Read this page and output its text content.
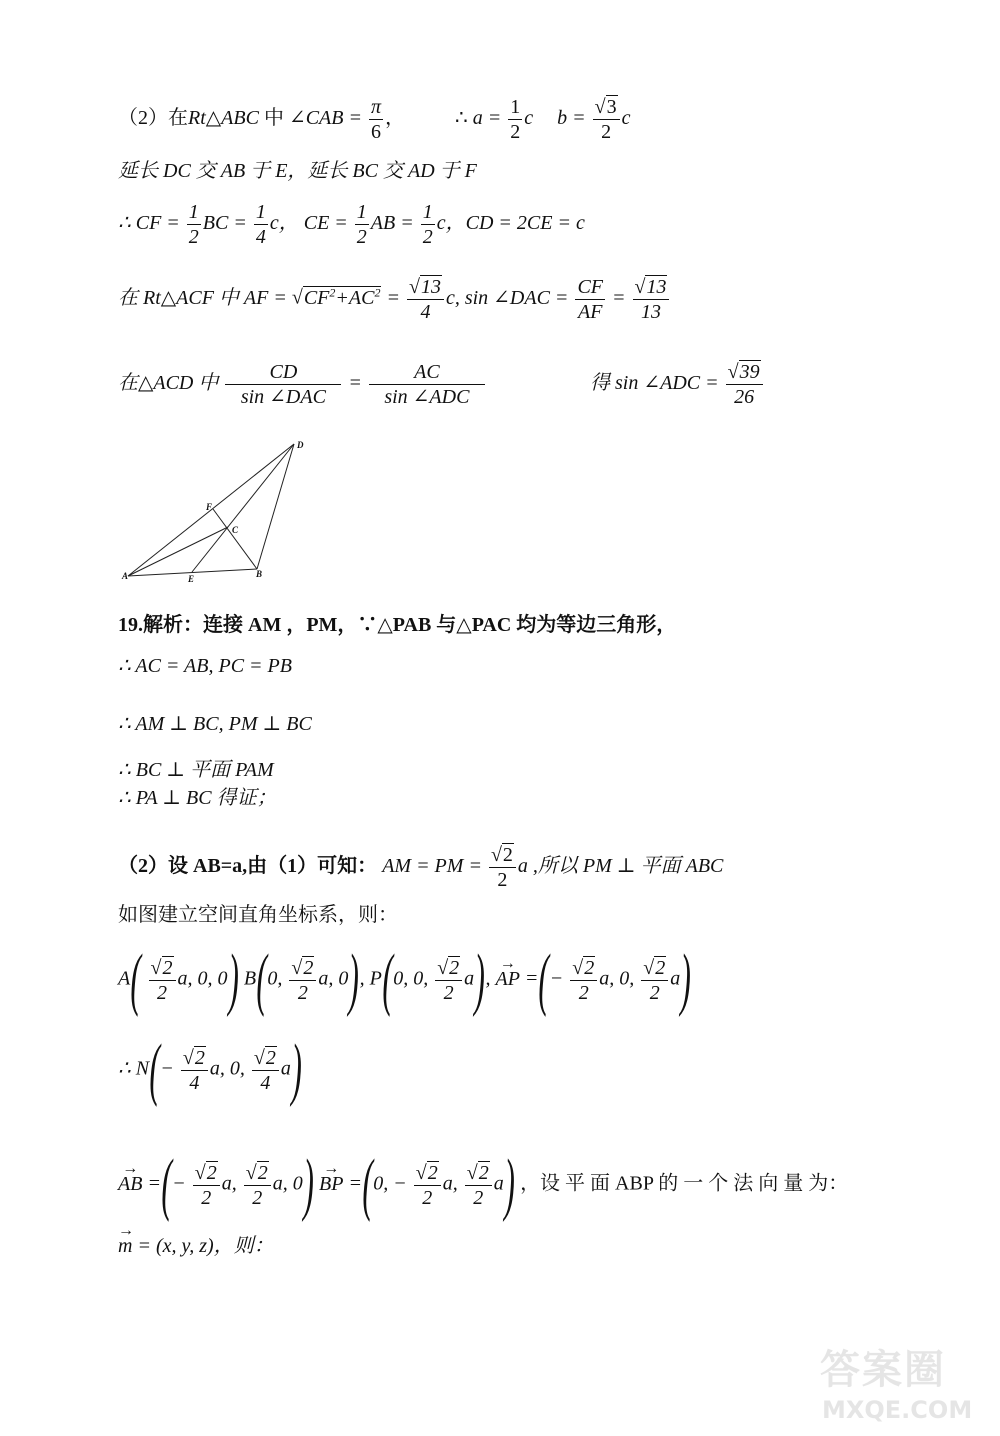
（2）在Rt△ABC 中 ∠CAB = $\frac{\pi}{6}$ ，	∴ $a = \frac{1}{2}$ c $b = \frac{√3}{2}$ c
延长 DC 交 AB 于 E，延长 BC 交 AD 于 F
∴ CF = $\frac{1}{2}$ BC = $\frac{1}{4}$ c， CE = $\frac{1}{2}$ AB = $\frac{1}{2}$ c，CD = 2CE = c
在 Rt△ACF 中 AF = $√CF^2+AC^2 = \frac{√13}{4} c$, sin ∠DAC = $\frac{CF}{AF} = \frac{√13}{13}$
在△ACD 中
CD
sin ∠DAC
=
AC
sin ∠ADC
得 sin ∠ADC = $\frac{√39}{26}$
D
F
C
A	E	B
19.解析：连接 AM ，PM，∵△PAB 与△PAC 均为等边三角形，
∴ AC = AB, PC = PB
∴ AM ⊥ BC, PM ⊥ BC
∴ BC ⊥ 平面 PAM
∴ PA ⊥ BC 得证；
（2）设 AB=a,由（1）可知： AM = PM = $\frac{√2}{2}$ a ,所以 PM ⊥ 平面 ABC
如图建立空间直角坐标系，则：
$A( \frac{√2}{2} a$, 0, 0) B(0, $\frac{√2}{2} a$, 0), P(0, 0, $\frac{√2}{2} a$), → AP =(− $\frac{√2}{2} a$, 0, $\frac{√2}{2} a$)
∴ $N(- \frac{√2}{4} a$, 0, $\frac{√2}{4} a$)
→ AB =(− $\frac{√2}{2} a$, $\frac{√2}{2} a$, 0) → BP =(0, − $\frac{√2}{2} a$, $\frac{√2}{2} a$) ，设 平 面 ABP 的 一 个 法 向 量 为：
→ m = (x, y, z)，则：
答案圈
MXQE.COM
